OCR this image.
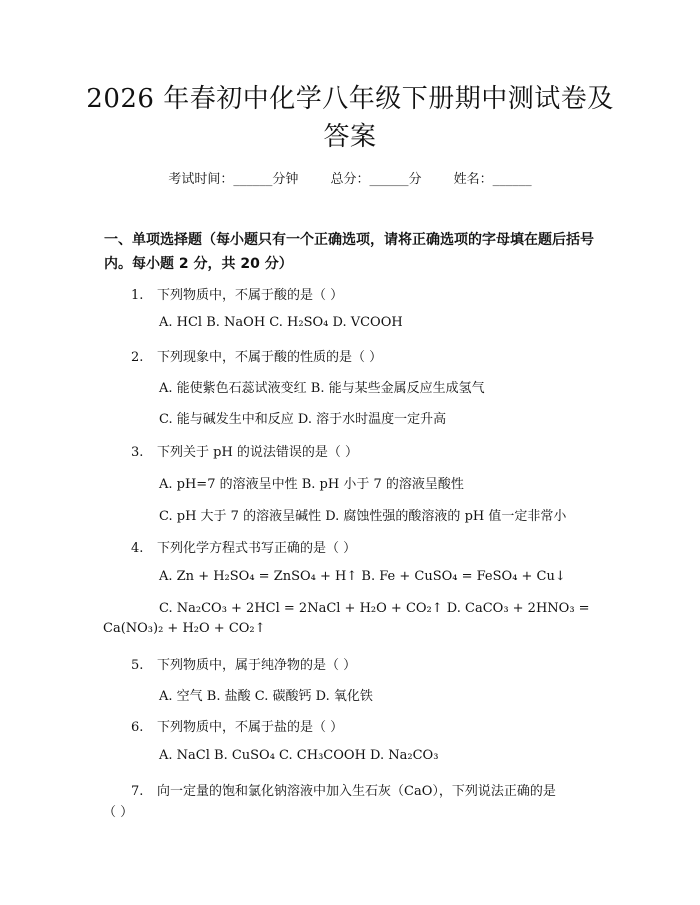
2026 年春初中化学八年级下册期中测试卷及
答案
考试时间：______分钟 总分：______分 姓名：______
一、单项选择题（每小题只有一个正确选项，请将正确选项的字母填在题后括号内。每小题 2 分，共 20 分）
1. 下列物质中，不属于酸的是（ ）
A. HCl B. NaOH C. H₂SO₄ D. VCOOH
2. 下列现象中，不属于酸的性质的是（ ）
A. 能使紫色石蕊试液变红 B. 能与某些金属反应生成氢气
C. 能与碱发生中和反应 D. 溶于水时温度一定升高
3. 下列关于 pH 的说法错误的是（ ）
A. pH=7 的溶液呈中性 B. pH 小于 7 的溶液呈酸性
C. pH 大于 7 的溶液呈碱性 D. 腐蚀性强的酸溶液的 pH 值一定非常小
4. 下列化学方程式书写正确的是（ ）
A. Zn + H₂SO₄ = ZnSO₄ + H↑ B. Fe + CuSO₄ = FeSO₄ + Cu↓
C. Na₂CO₃ + 2HCl = 2NaCl + H₂O + CO₂↑ D. CaCO₃ + 2HNO₃ =
Ca(NO₃)₂ + H₂O + CO₂↑
5. 下列物质中，属于纯净物的是（ ）
A. 空气 B. 盐酸 C. 碳酸钙 D. 氧化铁
6. 下列物质中，不属于盐的是（ ）
A. NaCl B. CuSO₄ C. CH₃COOH D. Na₂CO₃
7. 向一定量的饱和氯化钠溶液中加入生石灰（CaO），下列说法正确的是
（ ）
